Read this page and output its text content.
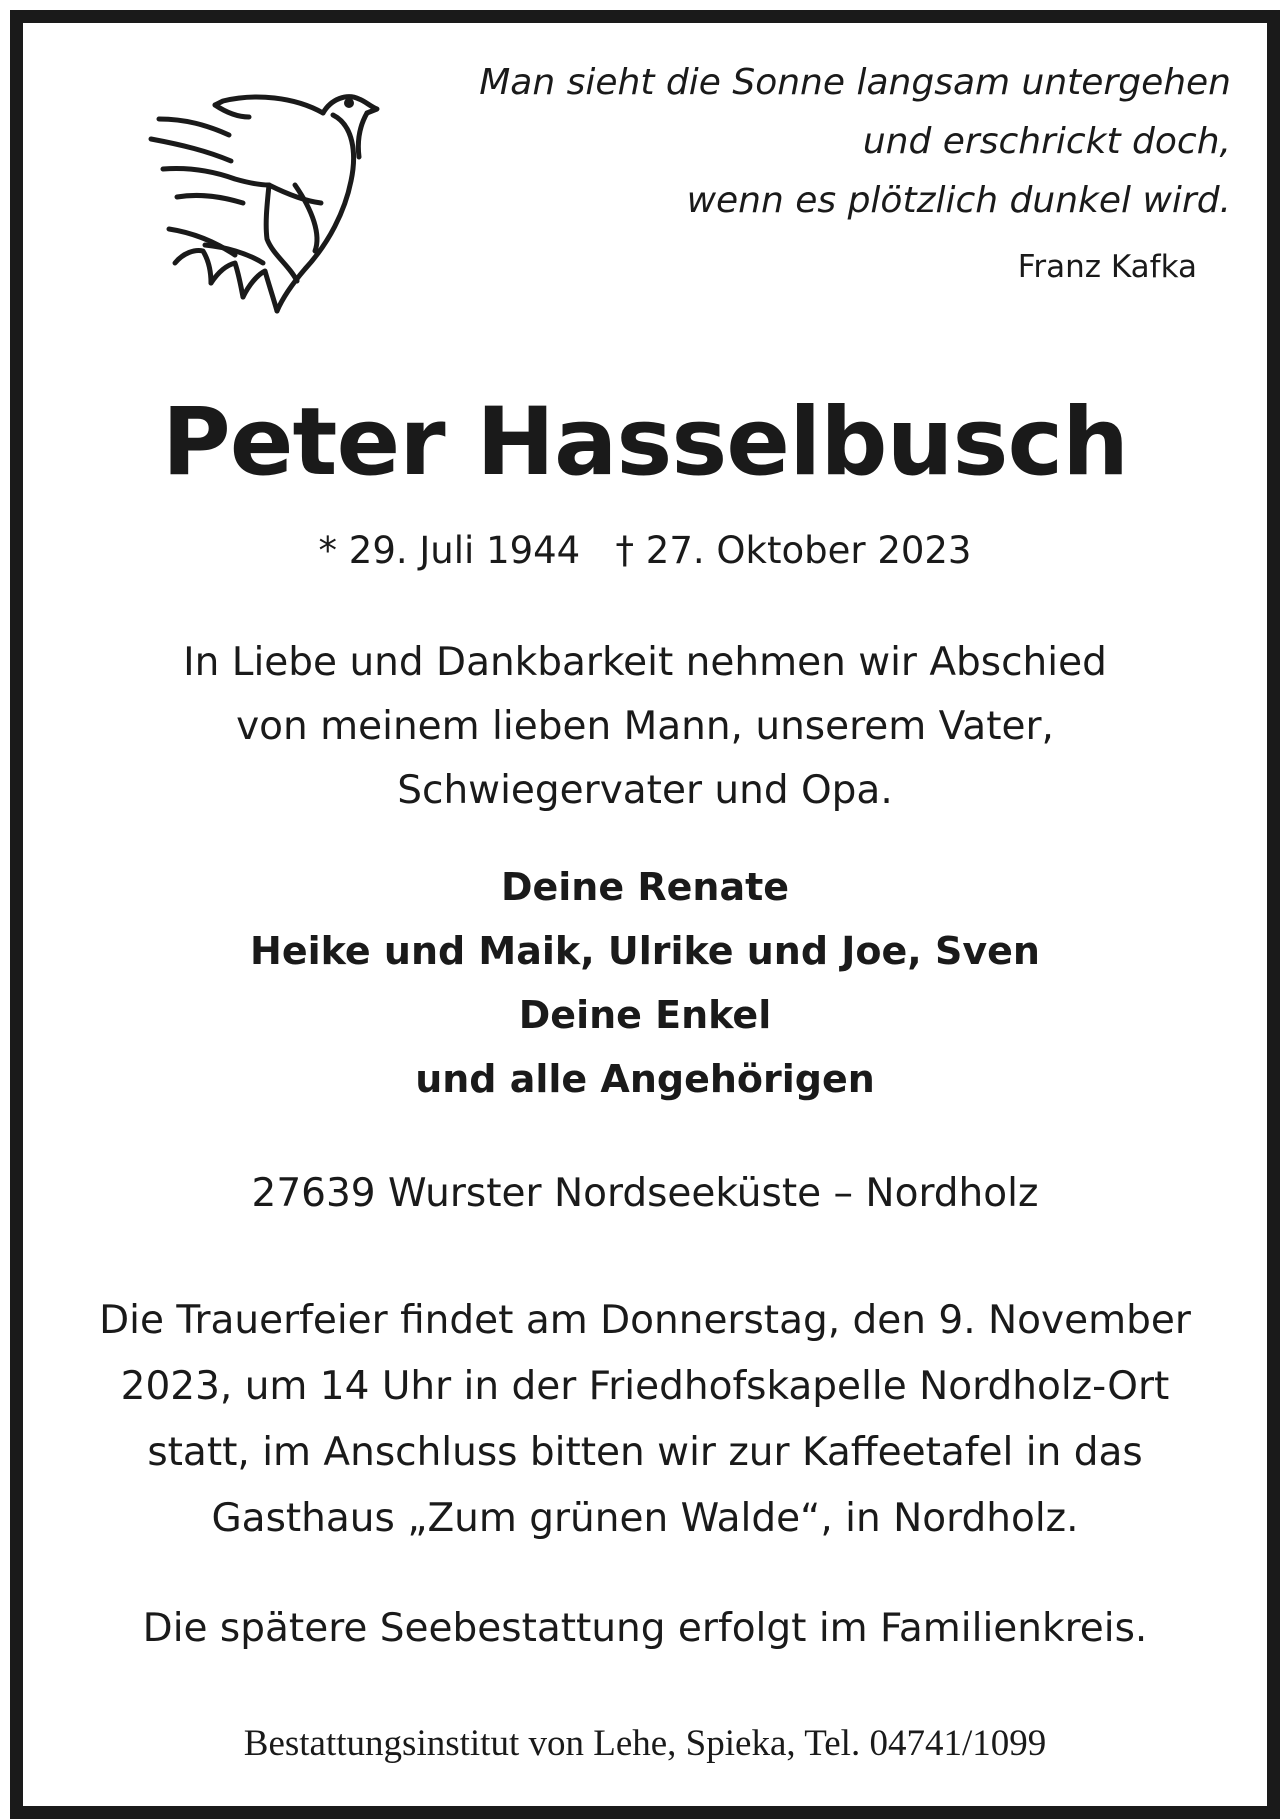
Man sieht die Sonne langsam untergehen
und erschrickt doch,
wenn es plötzlich dunkel wird.
Franz Kafka
Peter Hasselbusch
* 29. Juli 1944 † 27. Oktober 2023
In Liebe und Dankbarkeit nehmen wir Abschied
von meinem lieben Mann, unserem Vater,
Schwiegervater und Opa.
Deine Renate
Heike und Maik, Ulrike und Joe, Sven
Deine Enkel
und alle Angehörigen
27639 Wurster Nordseeküste – Nordholz
Die Trauerfeier findet am Donnerstag, den 9. November
2023, um 14 Uhr in der Friedhofskapelle Nordholz-Ort
statt, im Anschluss bitten wir zur Kaffeetafel in das
Gasthaus „Zum grünen Walde“, in Nordholz.
Die spätere Seebestattung erfolgt im Familienkreis.
Bestattungsinstitut von Lehe, Spieka, Tel. 04741/1099
